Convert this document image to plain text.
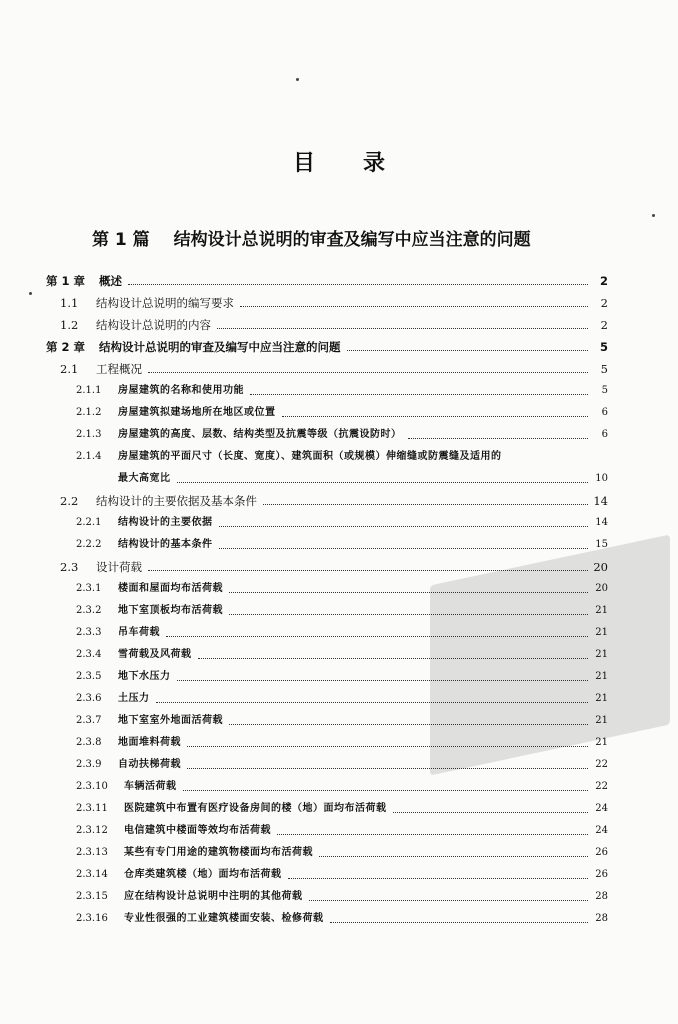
目 录
第 1 篇 结构设计总说明的审查及编写中应当注意的问题
第 1 章 概述	2
1.1	结构设计总说明的编写要求	2
1.2	结构设计总说明的内容	2
第 2 章 结构设计总说明的审查及编写中应当注意的问题	5
2.1	工程概况	5
2.1.1	房屋建筑的名称和使用功能	5
2.1.2	房屋建筑拟建场地所在地区或位置	6
2.1.3	房屋建筑的高度、层数、结构类型及抗震等级（抗震设防时）	6
2.1.4	房屋建筑的平面尺寸（长度、宽度）、建筑面积（或规模）伸缩缝或防震缝及适用的
最大高宽比	10
2.2	结构设计的主要依据及基本条件	14
2.2.1	结构设计的主要依据	14
2.2.2	结构设计的基本条件	15
2.3	设计荷载	20
2.3.1	楼面和屋面均布活荷载	20
2.3.2	地下室顶板均布活荷载	21
2.3.3	吊车荷载	21
2.3.4	雪荷载及风荷载	21
2.3.5	地下水压力	21
2.3.6	土压力	21
2.3.7	地下室室外地面活荷载	21
2.3.8	地面堆料荷载	21
2.3.9	自动扶梯荷载	22
2.3.10	车辆活荷载	22
2.3.11	医院建筑中布置有医疗设备房间的楼（地）面均布活荷载	24
2.3.12	电信建筑中楼面等效均布活荷载	24
2.3.13	某些有专门用途的建筑物楼面均布活荷载	26
2.3.14	仓库类建筑楼（地）面均布活荷载	26
2.3.15	应在结构设计总说明中注明的其他荷载	28
2.3.16	专业性很强的工业建筑楼面安装、检修荷载	28
